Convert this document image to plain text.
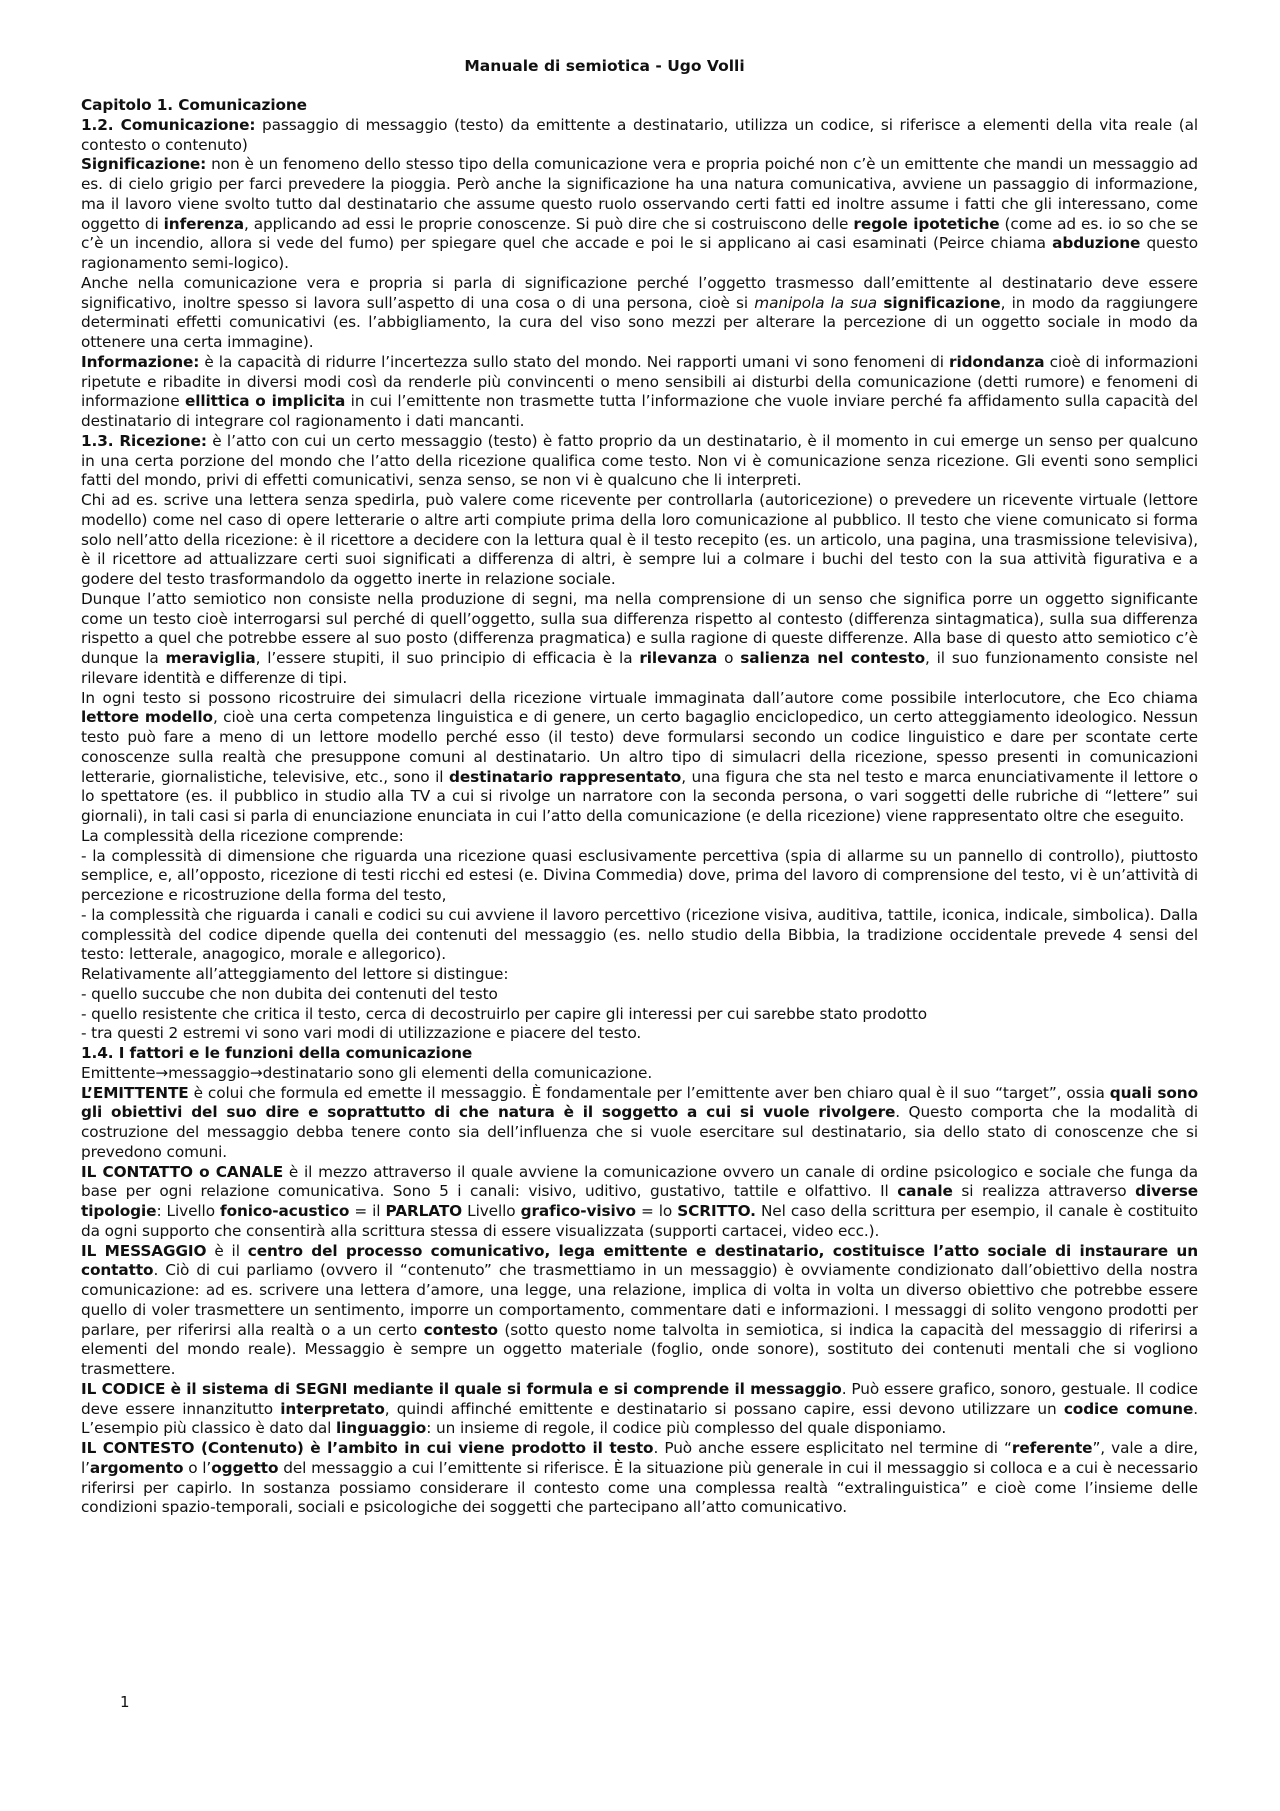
Manuale di semiotica - Ugo Volli

Capitolo 1. Comunicazione

1.2. Comunicazione: passaggio di messaggio (testo) da emittente a destinatario, utilizza un codice, si riferisce a elementi della vita reale (al contesto o contenuto)

Significazione: non è un fenomeno dello stesso tipo della comunicazione vera e propria poiché non c’è un emittente che mandi un messaggio ad es. di cielo grigio per farci prevedere la pioggia. Però anche la significazione ha una natura comunicativa, avviene un passaggio di informazione, ma il lavoro viene svolto tutto dal destinatario che assume questo ruolo osservando certi fatti ed inoltre assume i fatti che gli interessano, come oggetto di inferenza, applicando ad essi le proprie conoscenze. Si può dire che si costruiscono delle regole ipotetiche (come ad es. io so che se c’è un incendio, allora si vede del fumo) per spiegare quel che accade e poi le si applicano ai casi esaminati (Peirce chiama abduzione questo ragionamento semi-logico).

Anche nella comunicazione vera e propria si parla di significazione perché l’oggetto trasmesso dall’emittente al destinatario deve essere significativo, inoltre spesso si lavora sull’aspetto di una cosa o di una persona, cioè si manipola la sua significazione, in modo da raggiungere determinati effetti comunicativi (es. l’abbigliamento, la cura del viso sono mezzi per alterare la percezione di un oggetto sociale in modo da ottenere una certa immagine).

Informazione: è la capacità di ridurre l’incertezza sullo stato del mondo. Nei rapporti umani vi sono fenomeni di ridondanza cioè di informazioni ripetute e ribadite in diversi modi così da renderle più convincenti o meno sensibili ai disturbi della comunicazione (detti rumore) e fenomeni di informazione ellittica o implicita in cui l’emittente non trasmette tutta l’informazione che vuole inviare perché fa affidamento sulla capacità del destinatario di integrare col ragionamento i dati mancanti.

1.3. Ricezione: è l’atto con cui un certo messaggio (testo) è fatto proprio da un destinatario, è il momento in cui emerge un senso per qualcuno in una certa porzione del mondo che l’atto della ricezione qualifica come testo. Non vi è comunicazione senza ricezione. Gli eventi sono semplici fatti del mondo, privi di effetti comunicativi, senza senso, se non vi è qualcuno che li interpreti.

Chi ad es. scrive una lettera senza spedirla, può valere come ricevente per controllarla (autoricezione) o prevedere un ricevente virtuale (lettore modello) come nel caso di opere letterarie o altre arti compiute prima della loro comunicazione al pubblico. Il testo che viene comunicato si forma solo nell’atto della ricezione: è il ricettore a decidere con la lettura qual è il testo recepito (es. un articolo, una pagina, una trasmissione televisiva), è il ricettore ad attualizzare certi suoi significati a differenza di altri, è sempre lui a colmare i buchi del testo con la sua attività figurativa e a godere del testo trasformandolo da oggetto inerte in relazione sociale.

Dunque l’atto semiotico non consiste nella produzione di segni, ma nella comprensione di un senso che significa porre un oggetto significante come un testo cioè interrogarsi sul perché di quell’oggetto, sulla sua differenza rispetto al contesto (differenza sintagmatica), sulla sua differenza rispetto a quel che potrebbe essere al suo posto (differenza pragmatica) e sulla ragione di queste differenze. Alla base di questo atto semiotico c’è dunque la meraviglia, l’essere stupiti, il suo principio di efficacia è la rilevanza o salienza nel contesto, il suo funzionamento consiste nel rilevare identità e differenze di tipi.

In ogni testo si possono ricostruire dei simulacri della ricezione virtuale immaginata dall’autore come possibile interlocutore, che Eco chiama lettore modello, cioè una certa competenza linguistica e di genere, un certo bagaglio enciclopedico, un certo atteggiamento ideologico. Nessun testo può fare a meno di un lettore modello perché esso (il testo) deve formularsi secondo un codice linguistico e dare per scontate certe conoscenze sulla realtà che presuppone comuni al destinatario. Un altro tipo di simulacri della ricezione, spesso presenti in comunicazioni letterarie, giornalistiche, televisive, etc., sono il destinatario rappresentato, una figura che sta nel testo e marca enunciativamente il lettore o lo spettatore (es. il pubblico in studio alla TV a cui si rivolge un narratore con la seconda persona, o vari soggetti delle rubriche di “lettere” sui giornali), in tali casi si parla di enunciazione enunciata in cui l’atto della comunicazione (e della ricezione) viene rappresentato oltre che eseguito.

La complessità della ricezione comprende:

- la complessità di dimensione che riguarda una ricezione quasi esclusivamente percettiva (spia di allarme su un pannello di controllo), piuttosto semplice, e, all’opposto, ricezione di testi ricchi ed estesi (e. Divina Commedia) dove, prima del lavoro di comprensione del testo, vi è un’attività di percezione e ricostruzione della forma del testo,

- la complessità che riguarda i canali e codici su cui avviene il lavoro percettivo (ricezione visiva, auditiva, tattile, iconica, indicale, simbolica). Dalla complessità del codice dipende quella dei contenuti del messaggio (es. nello studio della Bibbia, la tradizione occidentale prevede 4 sensi del testo: letterale, anagogico, morale e allegorico).

Relativamente all’atteggiamento del lettore si distingue:

- quello succube che non dubita dei contenuti del testo

- quello resistente che critica il testo, cerca di decostruirlo per capire gli interessi per cui sarebbe stato prodotto

- tra questi 2 estremi vi sono vari modi di utilizzazione e piacere del testo.

1.4. I fattori e le funzioni della comunicazione

Emittente→messaggio→destinatario sono gli elementi della comunicazione.

L’EMITTENTE è colui che formula ed emette il messaggio. È fondamentale per l’emittente aver ben chiaro qual è il suo “target”, ossia quali sono gli obiettivi del suo dire e soprattutto di che natura è il soggetto a cui si vuole rivolgere. Questo comporta che la modalità di costruzione del messaggio debba tenere conto sia dell’influenza che si vuole esercitare sul destinatario, sia dello stato di conoscenze che si prevedono comuni.

IL CONTATTO o CANALE è il mezzo attraverso il quale avviene la comunicazione ovvero un canale di ordine psicologico e sociale che funga da base per ogni relazione comunicativa. Sono 5 i canali: visivo, uditivo, gustativo, tattile e olfattivo. Il canale si realizza attraverso diverse tipologie: Livello fonico-acustico = il PARLATO Livello grafico-visivo = lo SCRITTO. Nel caso della scrittura per esempio, il canale è costituito da ogni supporto che consentirà alla scrittura stessa di essere visualizzata (supporti cartacei, video ecc.).

IL MESSAGGIO è il centro del processo comunicativo, lega emittente e destinatario, costituisce l’atto sociale di instaurare un contatto. Ciò di cui parliamo (ovvero il “contenuto” che trasmettiamo in un messaggio) è ovviamente condizionato dall’obiettivo della nostra comunicazione: ad es. scrivere una lettera d’amore, una legge, una relazione, implica di volta in volta un diverso obiettivo che potrebbe essere quello di voler trasmettere un sentimento, imporre un comportamento, commentare dati e informazioni. I messaggi di solito vengono prodotti per parlare, per riferirsi alla realtà o a un certo contesto (sotto questo nome talvolta in semiotica, si indica la capacità del messaggio di riferirsi a elementi del mondo reale). Messaggio è sempre un oggetto materiale (foglio, onde sonore), sostituto dei contenuti mentali che si vogliono trasmettere.

IL CODICE è il sistema di SEGNI mediante il quale si formula e si comprende il messaggio. Può essere grafico, sonoro, gestuale. Il codice deve essere innanzitutto interpretato, quindi affinché emittente e destinatario si possano capire, essi devono utilizzare un codice comune. L’esempio più classico è dato dal linguaggio: un insieme di regole, il codice più complesso del quale disponiamo.

IL CONTESTO (Contenuto) è l’ambito in cui viene prodotto il testo. Può anche essere esplicitato nel termine di “referente”, vale a dire, l’argomento o l’oggetto del messaggio a cui l’emittente si riferisce. È la situazione più generale in cui il messaggio si colloca e a cui è necessario riferirsi per capirlo. In sostanza possiamo considerare il contesto come una complessa realtà “extralinguistica” e cioè come l’insieme delle condizioni spazio-temporali, sociali e psicologiche dei soggetti che partecipano all’atto comunicativo.

1
